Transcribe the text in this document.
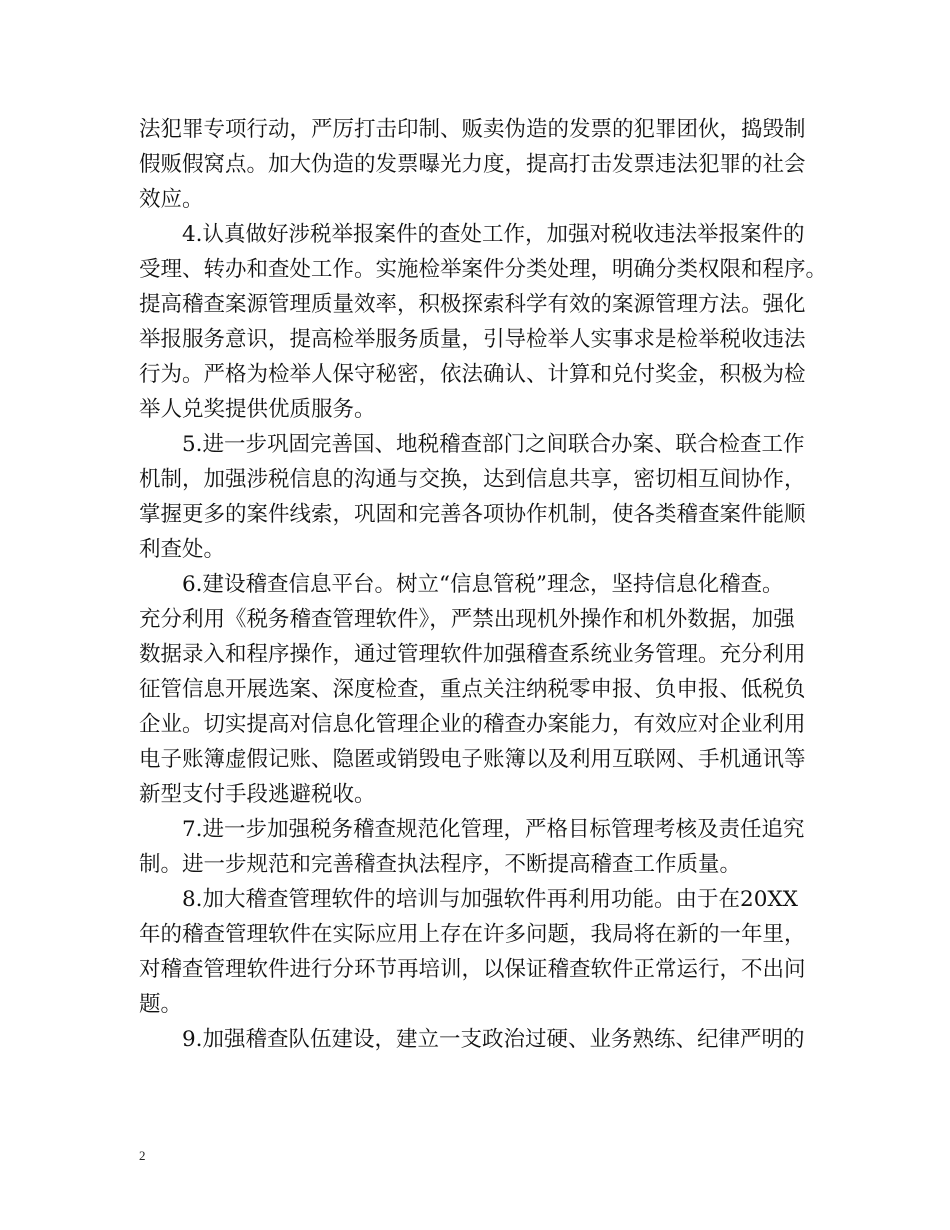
法犯罪专项行动，严厉打击印制、贩卖伪造的发票的犯罪团伙，捣毁制
假贩假窝点。加大伪造的发票曝光力度，提高打击发票违法犯罪的社会
效应。
4.认真做好涉税举报案件的查处工作，加强对税收违法举报案件的
受理、转办和查处工作。实施检举案件分类处理，明确分类权限和程序。
提高稽查案源管理质量效率，积极探索科学有效的案源管理方法。强化
举报服务意识，提高检举服务质量，引导检举人实事求是检举税收违法
行为。严格为检举人保守秘密，依法确认、计算和兑付奖金，积极为检
举人兑奖提供优质服务。
5.进一步巩固完善国、地税稽查部门之间联合办案、联合检查工作
机制，加强涉税信息的沟通与交换，达到信息共享，密切相互间协作，
掌握更多的案件线索，巩固和完善各项协作机制，使各类稽查案件能顺
利查处。
6.建设稽查信息平台。树立“信息管税”理念，坚持信息化稽查。
充分利用《税务稽查管理软件》，严禁出现机外操作和机外数据，加强
数据录入和程序操作，通过管理软件加强稽查系统业务管理。充分利用
征管信息开展选案、深度检查，重点关注纳税零申报、负申报、低税负
企业。切实提高对信息化管理企业的稽查办案能力，有效应对企业利用
电子账簿虚假记账、隐匿或销毁电子账簿以及利用互联网、手机通讯等
新型支付手段逃避税收。
7.进一步加强税务稽查规范化管理，严格目标管理考核及责任追究
制。进一步规范和完善稽查执法程序，不断提高稽查工作质量。
8.加大稽查管理软件的培训与加强软件再利用功能。由于在20XX
年的稽查管理软件在实际应用上存在许多问题，我局将在新的一年里，
对稽查管理软件进行分环节再培训，以保证稽查软件正常运行，不出问
题。
9.加强稽查队伍建设，建立一支政治过硬、业务熟练、纪律严明的
2
